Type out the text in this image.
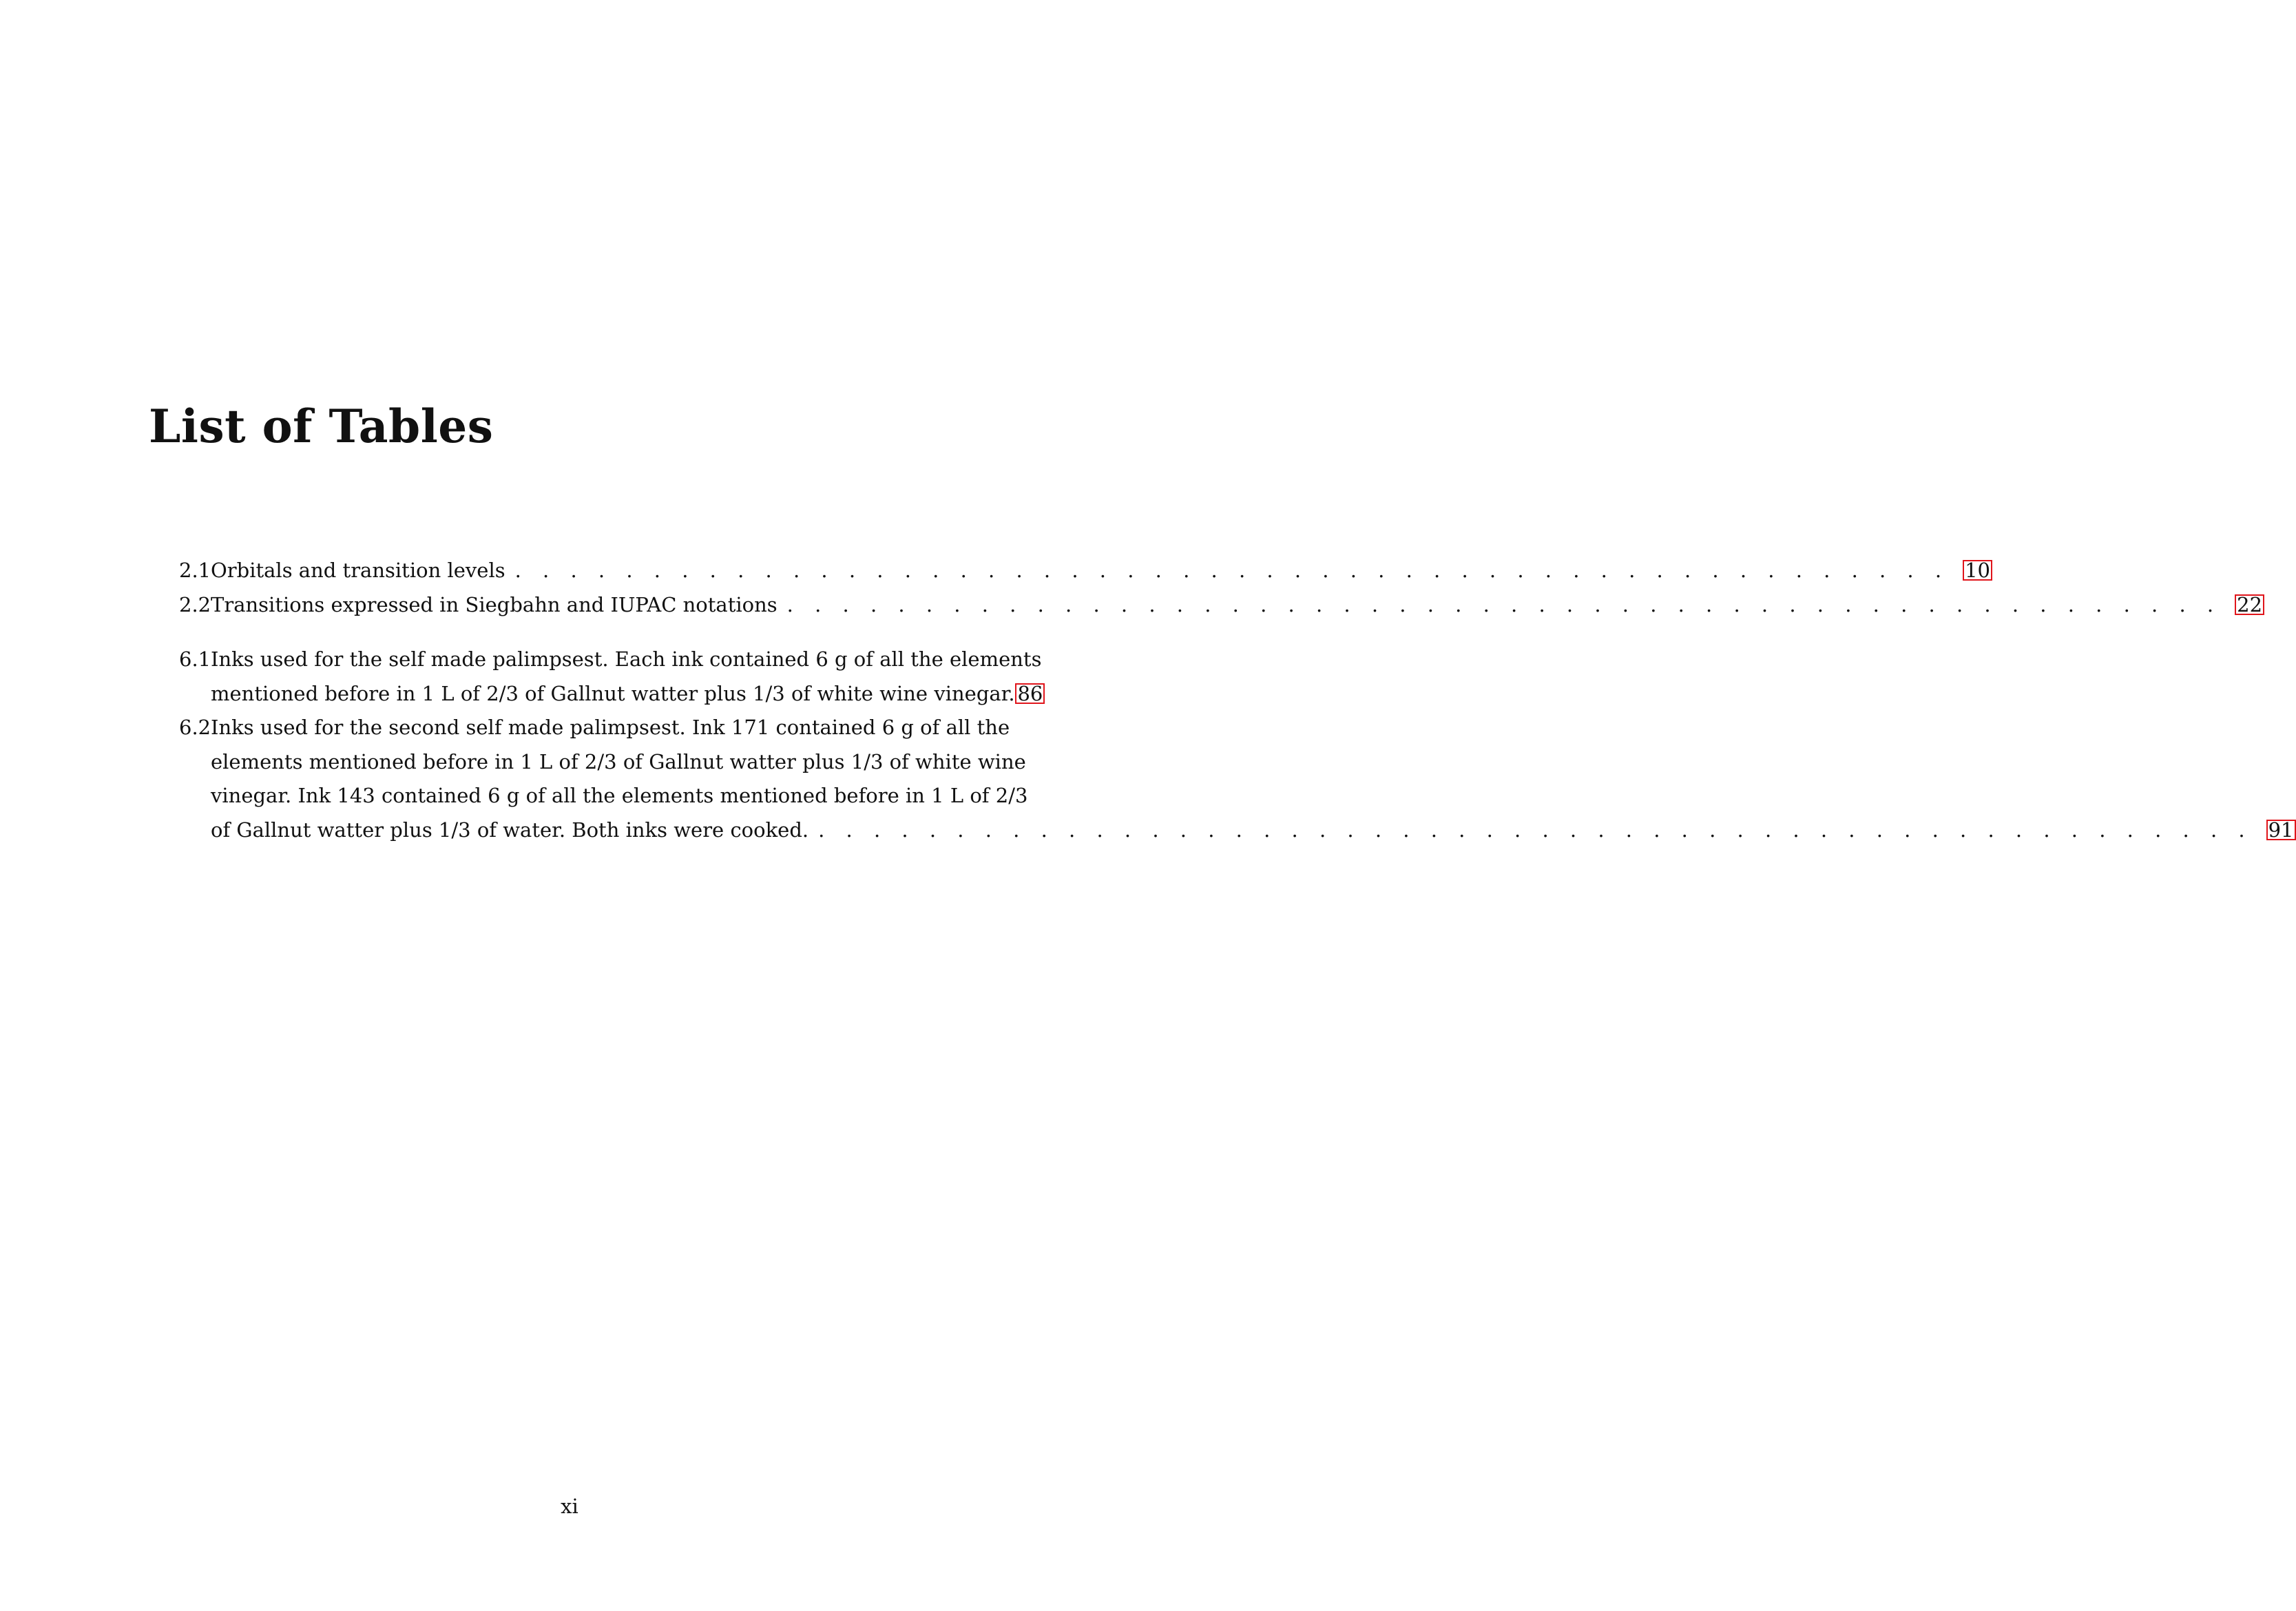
List of Tables
2.1 Orbitals and transition levels . . . . . . . . . . . . . . . . . . . . . . . . . . . . . . . . . . . . . . . . . . . . . . . . . . . . 10
2.2 Transitions expressed in Siegbahn and IUPAC notations . . . . . . . . . . . . . . . . . . . . . . . . . . . . . . . . . . . . . . . . . . . . . . . . . . . . 22
6.1 Inks used for the self made palimpsest. Each ink contained 6 g of all the elements
mentioned before in 1 L of 2/3 of Gallnut watter plus 1/3 of white wine vinegar. 86
6.2 Inks used for the second self made palimpsest. Ink 171 contained 6 g of all the
elements mentioned before in 1 L of 2/3 of Gallnut watter plus 1/3 of white wine
vinegar. Ink 143 contained 6 g of all the elements mentioned before in 1 L of 2/3
of Gallnut watter plus 1/3 of water. Both inks were cooked. . . . . . . . . . . . . . . . . . . . . . . . . . . . . . . . . . . . . . . . . . . . . . . . . . . . . 91
xi
